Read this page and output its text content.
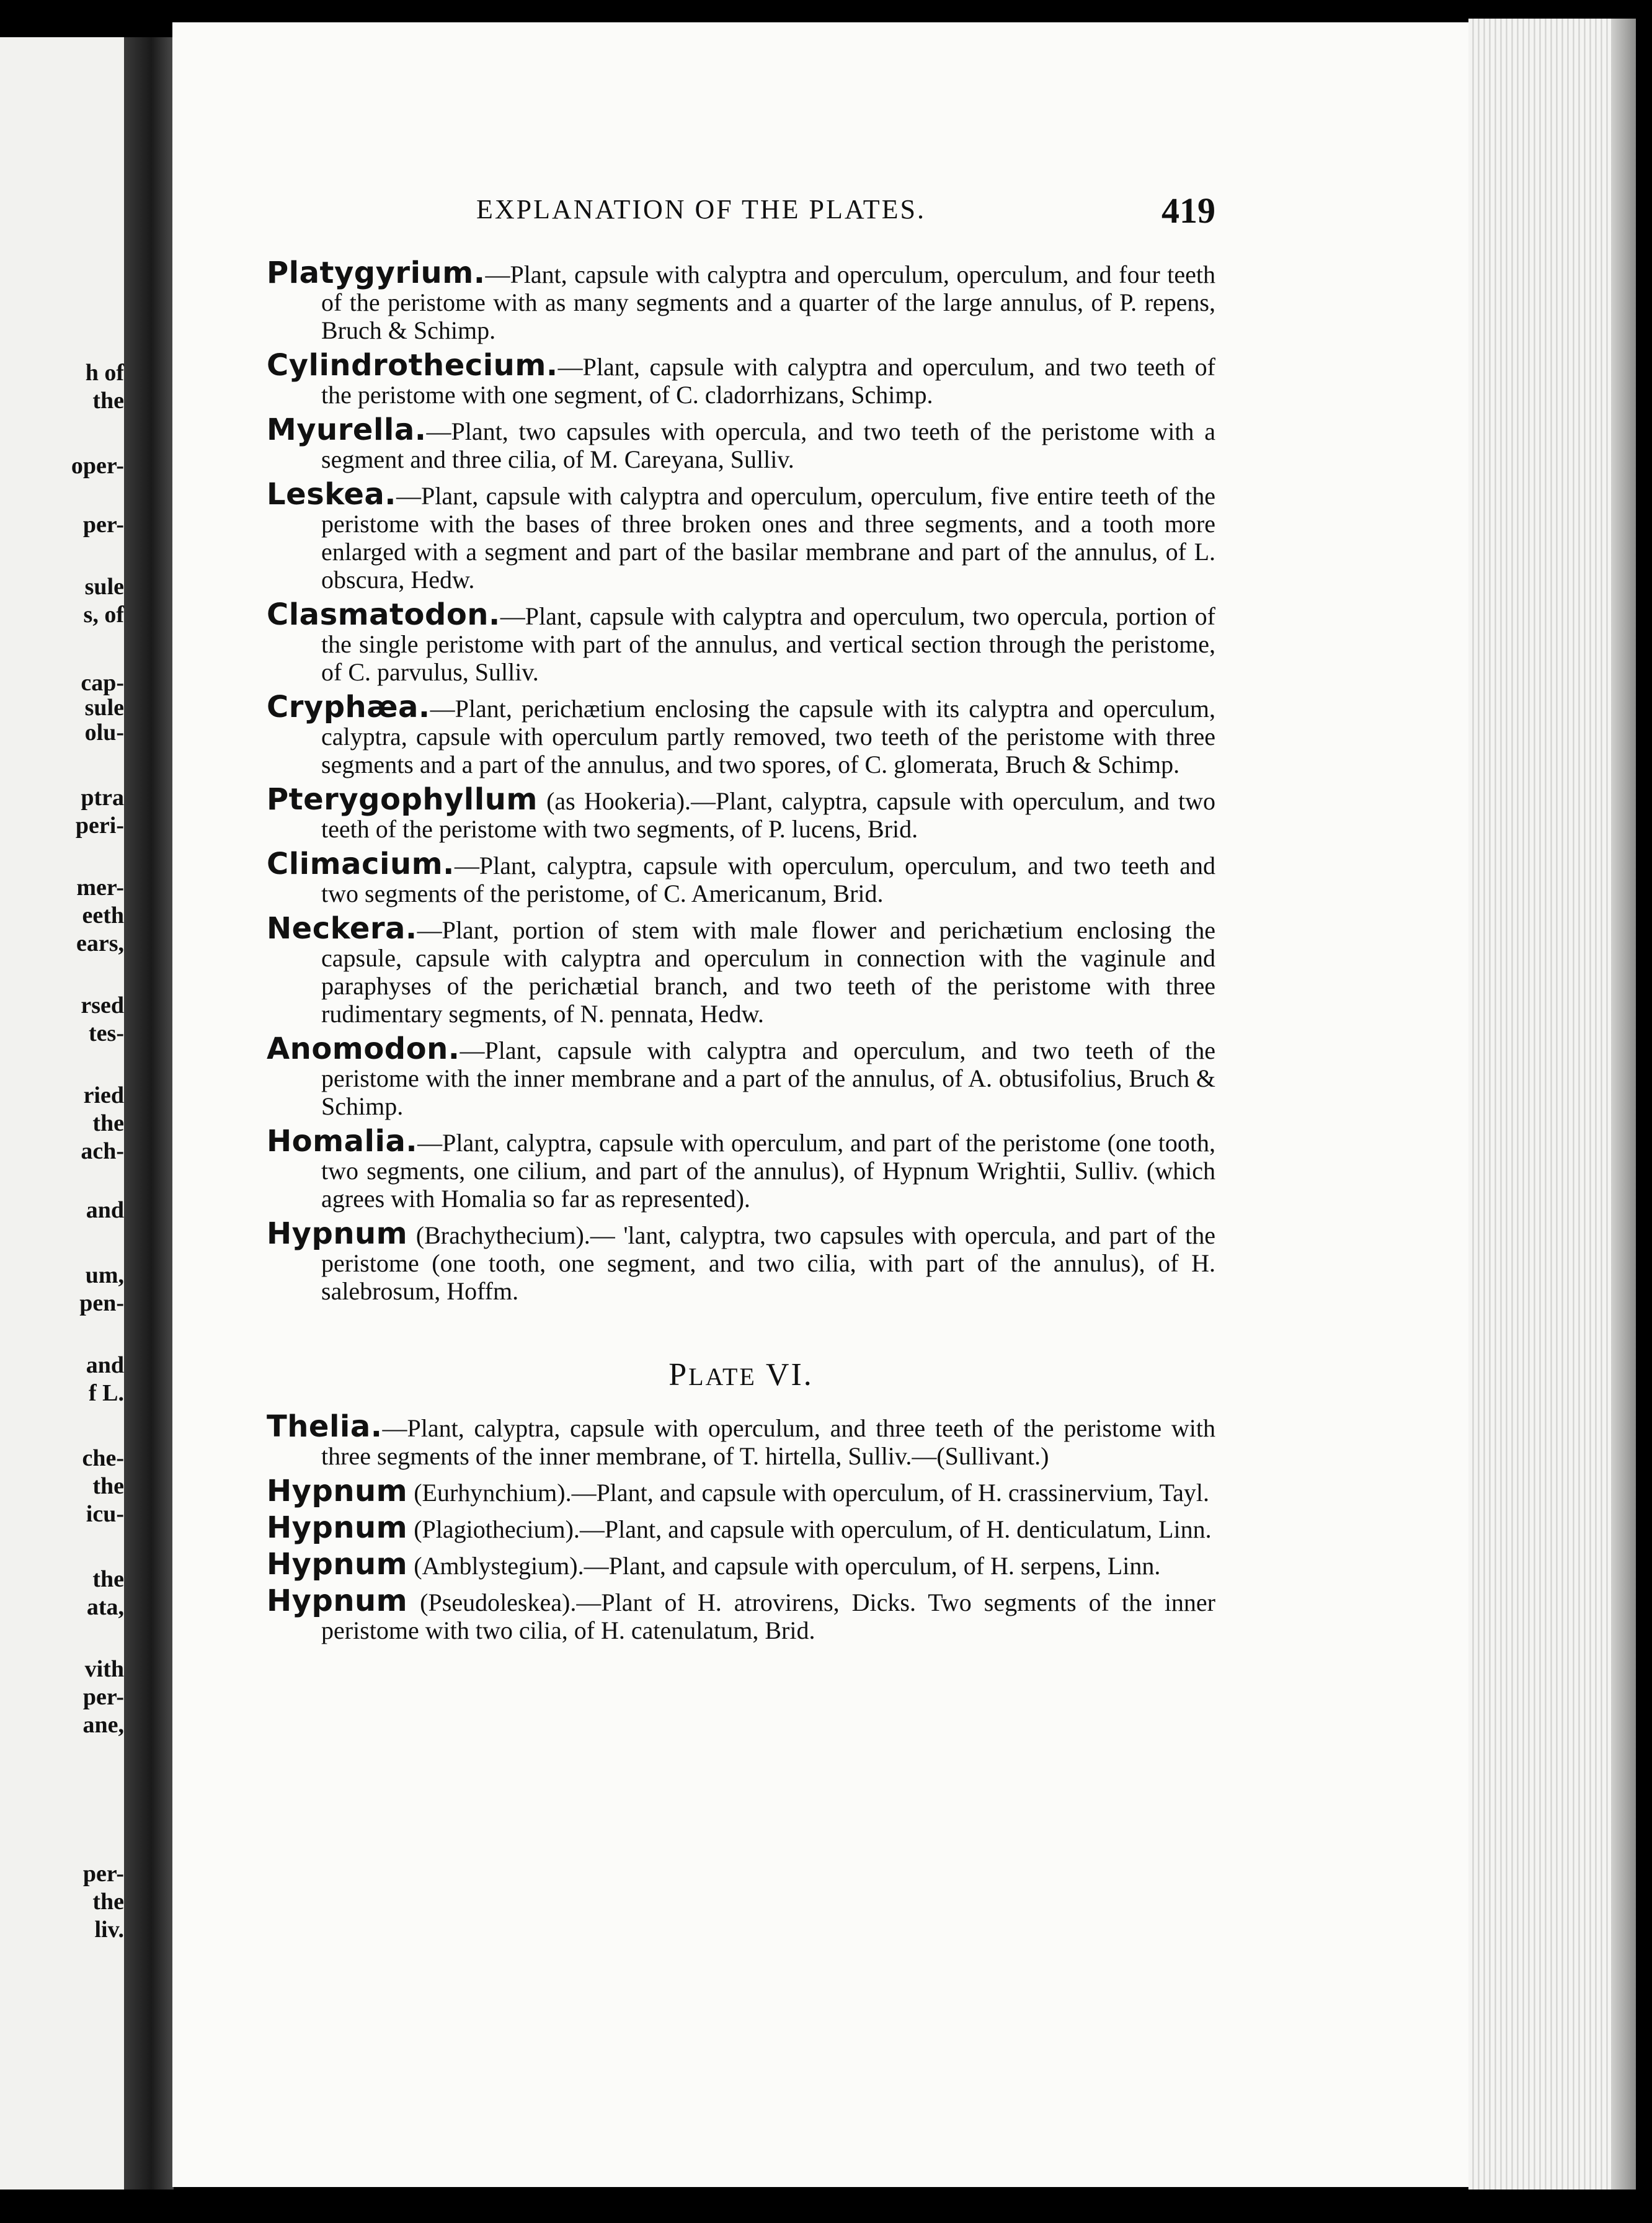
h of
the
oper-
per-
sule
s, of
cap-
sule
olu-
ptra
peri-
mer-
eeth
ears,
rsed
tes-
ried
the
ach-
and
um,
pen-
and
f L.
che-
the
icu-
the
ata,
vith
per-
ane,
per-
the
liv.
EXPLANATION OF THE PLATES.	419

Platygyrium.—Plant, capsule with calyptra and operculum, operculum, and four teeth of the peristome with as many segments and a quarter of the large annulus, of P. repens, Bruch & Schimp.

Cylindrothecium.—Plant, capsule with calyptra and operculum, and two teeth of the peristome with one segment, of C. cladorrhizans, Schimp.

Myurella.—Plant, two capsules with opercula, and two teeth of the peristome with a segment and three cilia, of M. Careyana, Sulliv.

Leskea.—Plant, capsule with calyptra and operculum, operculum, five entire teeth of the peristome with the bases of three broken ones and three segments, and a tooth more enlarged with a segment and part of the basilar membrane and part of the annulus, of L. obscura, Hedw.

Clasmatodon.—Plant, capsule with calyptra and operculum, two opercula, portion of the single peristome with part of the annulus, and vertical section through the peristome, of C. parvulus, Sulliv.

Cryphæa.—Plant, perichætium enclosing the capsule with its calyptra and operculum, calyptra, capsule with operculum partly removed, two teeth of the peristome with three segments and a part of the annulus, and two spores, of C. glomerata, Bruch & Schimp.

Pterygophyllum (as Hookeria).—Plant, calyptra, capsule with operculum, and two teeth of the peristome with two segments, of P. lucens, Brid.

Climacium.—Plant, calyptra, capsule with operculum, operculum, and two teeth and two segments of the peristome, of C. Americanum, Brid.

Neckera.—Plant, portion of stem with male flower and perichætium enclosing the capsule, capsule with calyptra and operculum in connection with the vaginule and paraphyses of the perichætial branch, and two teeth of the peristome with three rudimentary segments, of N. pennata, Hedw.

Anomodon.—Plant, capsule with calyptra and operculum, and two teeth of the peristome with the inner membrane and a part of the annulus, of A. obtusifolius, Bruch & Schimp.

Homalia.—Plant, calyptra, capsule with operculum, and part of the peristome (one tooth, two segments, one cilium, and part of the annulus), of Hypnum Wrightii, Sulliv. (which agrees with Homalia so far as represented).

Hypnum (Brachythecium).— 'lant, calyptra, two capsules with opercula, and part of the peristome (one tooth, one segment, and two cilia, with part of the annulus), of H. salebrosum, Hoffm.

PLATE VI.

Thelia.—Plant, calyptra, capsule with operculum, and three teeth of the peristome with three segments of the inner membrane, of T. hirtella, Sulliv.—(Sullivant.)

Hypnum (Eurhynchium).—Plant, and capsule with operculum, of H. crassinervium, Tayl.

Hypnum (Plagiothecium).—Plant, and capsule with operculum, of H. denticulatum, Linn.

Hypnum (Amblystegium).—Plant, and capsule with operculum, of H. serpens, Linn.

Hypnum (Pseudoleskea).—Plant of H. atrovirens, Dicks. Two segments of the inner peristome with two cilia, of H. catenulatum, Brid.
